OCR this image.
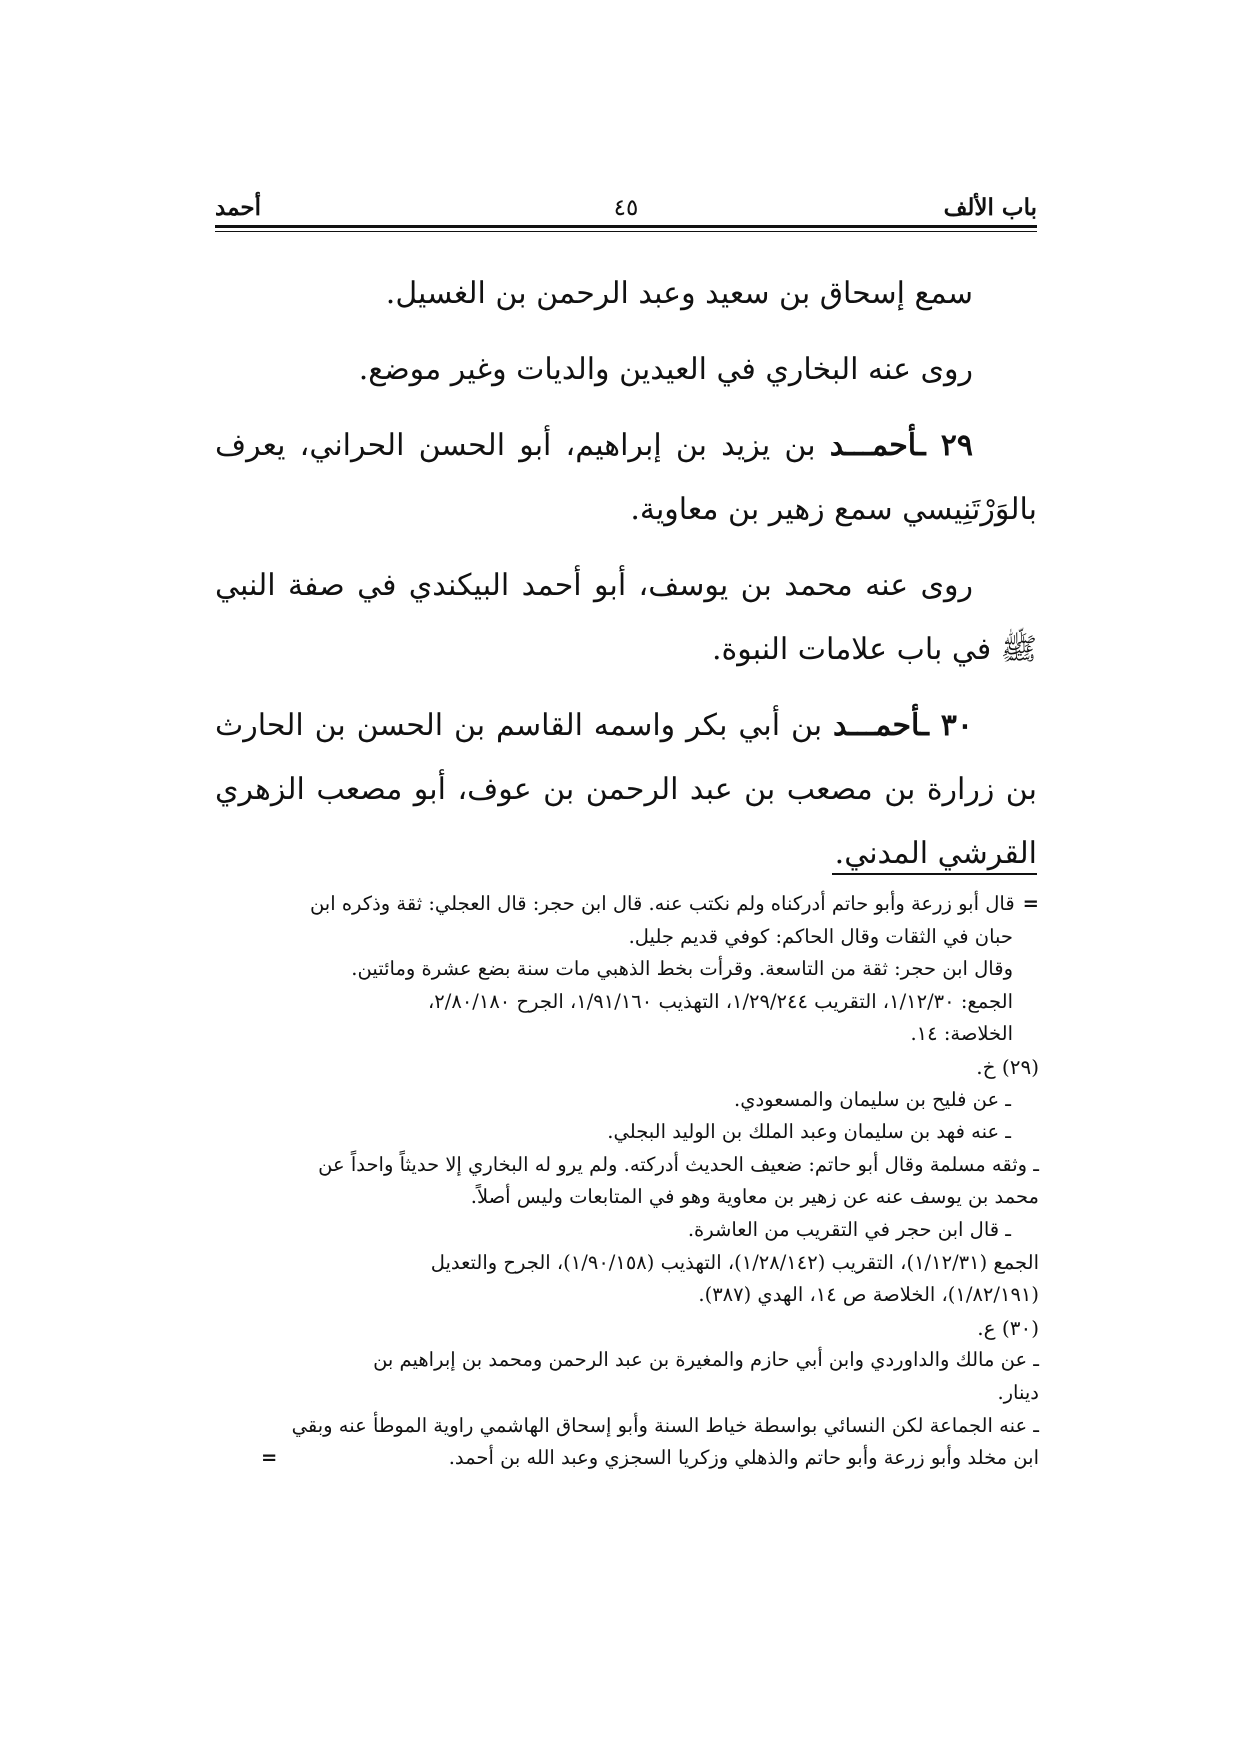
باب الألف
٤٥
أحمد

سمع إسحاق بن سعيد وعبد الرحمن بن الغسيل.

روى عنه البخاري في العيدين والديات وغير موضع.

٢٩ ـأحمـــد بن يزيد بن إبراهيم، أبو الحسن الحراني، يعرف بالوَرْتَنِيسي سمع زهير بن معاوية.

روى عنه محمد بن يوسف، أبو أحمد البيكندي في صفة النبي ﷺ في باب علامات النبوة.

٣٠ ـأحمـــد بن أبي بكر واسمه القاسم بن الحسن بن الحارث بن زرارة بن مصعب بن عبد الرحمن بن عوف، أبو مصعب الزهري القرشي المدني.

=قال أبو زرعة وأبو حاتم أدركناه ولم نكتب عنه. قال ابن حجر: قال العجلي: ثقة وذكره ابن

حبان في الثقات وقال الحاكم: كوفي قديم جليل.

وقال ابن حجر: ثقة من التاسعة. وقرأت بخط الذهبي مات سنة بضع عشرة ومائتين.

الجمع: ١/١٢/٣٠، التقريب ١/٢٩/٢٤٤، التهذيب ١/٩١/١٦٠، الجرح ٢/٨٠/١٨٠،

الخلاصة: ١٤.

(٢٩) خ.

ـ عن فليح بن سليمان والمسعودي.

ـ عنه فهد بن سليمان وعبد الملك بن الوليد البجلي.

ـ وثقه مسلمة وقال أبو حاتم: ضعيف الحديث أدركته. ولم يرو له البخاري إلا حديثاً واحداً عن

محمد بن يوسف عنه عن زهير بن معاوية وهو في المتابعات وليس أصلاً.

ـ قال ابن حجر في التقريب من العاشرة.

الجمع (١/١٢/٣١)، التقريب (١/٢٨/١٤٢)، التهذيب (١/٩٠/١٥٨)، الجرح والتعديل

(١/٨٢/١٩١)، الخلاصة ص ١٤، الهدي (٣٨٧).

(٣٠) ع.

ـ عن مالك والداوردي وابن أبي حازم والمغيرة بن عبد الرحمن ومحمد بن إبراهيم بن

دينار.

ـ عنه الجماعة لكن النسائي بواسطة خياط السنة وأبو إسحاق الهاشمي راوية الموطأ عنه وبقي

ابن مخلد وأبو زرعة وأبو حاتم والذهلي وزكريا السجزي وعبد الله بن أحمد.
=
